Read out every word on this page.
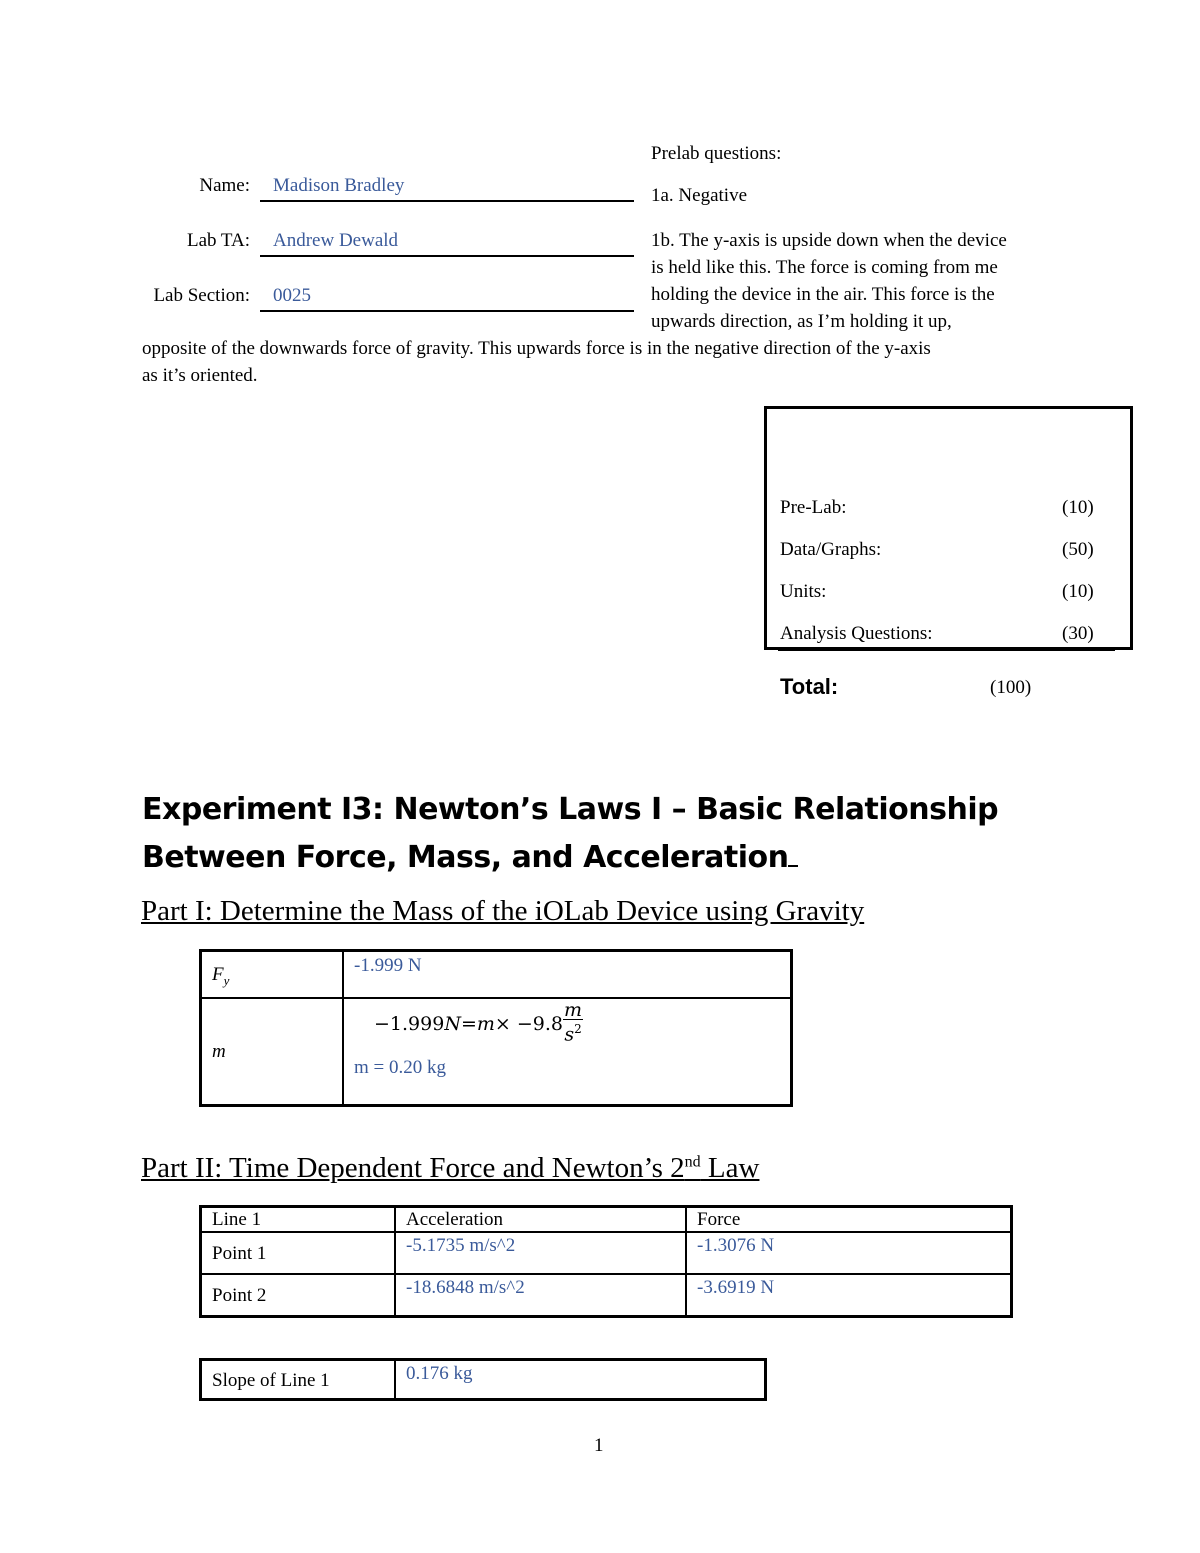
Name: Madison Bradley
Lab TA: Andrew Dewald
Lab Section: 0025
Prelab questions:
1a. Negative
1b. The y-axis is upside down when the device
is held like this. The force is coming from me
holding the device in the air. This force is the
upwards direction, as I’m holding it up,
opposite of the downwards force of gravity. This upwards force is in the negative direction of the y-axis
as it’s oriented.
Pre-Lab:	(10)
Data/Graphs:	(50)
Units:	(10)
Analysis Questions:	(30)
Total:	(100)
Experiment I3: Newton’s Laws I – Basic Relationship
Between Force, Mass, and Acceleration
Part I: Determine the Mass of the iOLab Device using Gravity
$F_y$	-1.999 N
m	$-1.999N=m\times -9.8 \frac{m}{s^2}$
m = 0.20 kg
Part II: Time Dependent Force and Newton’s 2nd Law
Line 1	Acceleration	Force
Point 1	-5.1735 m/s^2	-1.3076 N
Point 2	-18.6848 m/s^2	-3.6919 N
Slope of Line 1	0.176 kg
1
